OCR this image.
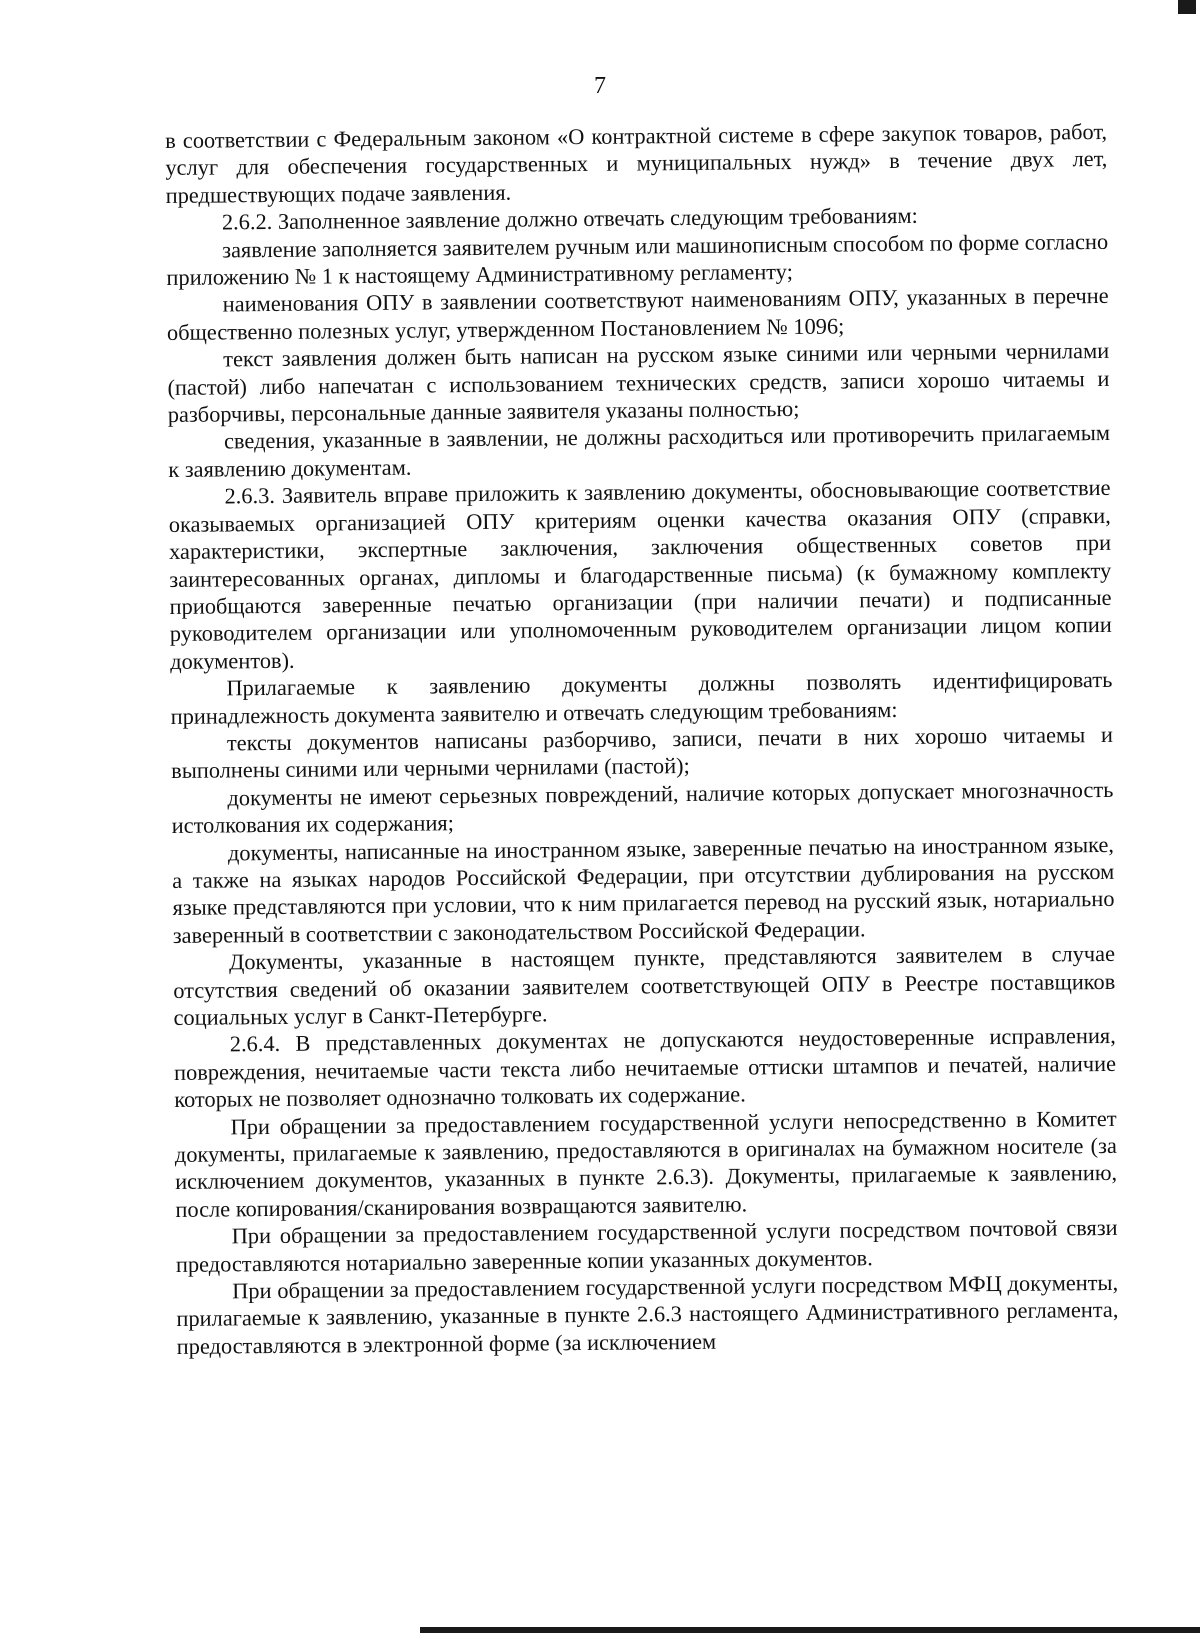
7

в соответствии с Федеральным законом «О контрактной системе в сфере закупок товаров, работ, услуг для обеспечения государственных и муниципальных нужд» в течение двух лет, предшествующих подаче заявления.

2.6.2. Заполненное заявление должно отвечать следующим требованиям:

заявление заполняется заявителем ручным или машинописным способом по форме согласно приложению № 1 к настоящему Административному регламенту;

наименования ОПУ в заявлении соответствуют наименованиям ОПУ, указанных в перечне общественно полезных услуг, утвержденном Постановлением № 1096;

текст заявления должен быть написан на русском языке синими или черными чернилами (пастой) либо напечатан с использованием технических средств, записи хорошо читаемы и разборчивы, персональные данные заявителя указаны полностью;

сведения, указанные в заявлении, не должны расходиться или противоречить прилагаемым к заявлению документам.

2.6.3. Заявитель вправе приложить к заявлению документы, обосновывающие соответствие оказываемых организацией ОПУ критериям оценки качества оказания ОПУ (справки, характеристики, экспертные заключения, заключения общественных советов при заинтересованных органах, дипломы и благодарственные письма) (к бумажному комплекту приобщаются заверенные печатью организации (при наличии печати) и подписанные руководителем организации или уполномоченным руководителем организации лицом копии документов).

Прилагаемые к заявлению документы должны позволять идентифицировать принадлежность документа заявителю и отвечать следующим требованиям:

тексты документов написаны разборчиво, записи, печати в них хорошо читаемы и выполнены синими или черными чернилами (пастой);

документы не имеют серьезных повреждений, наличие которых допускает многозначность истолкования их содержания;

документы, написанные на иностранном языке, заверенные печатью на иностранном языке, а также на языках народов Российской Федерации, при отсутствии дублирования на русском языке представляются при условии, что к ним прилагается перевод на русский язык, нотариально заверенный в соответствии с законодательством Российской Федерации.

Документы, указанные в настоящем пункте, представляются заявителем в случае отсутствия сведений об оказании заявителем соответствующей ОПУ в Реестре поставщиков социальных услуг в Санкт-Петербурге.

2.6.4. В представленных документах не допускаются неудостоверенные исправления, повреждения, нечитаемые части текста либо нечитаемые оттиски штампов и печатей, наличие которых не позволяет однозначно толковать их содержание.

При обращении за предоставлением государственной услуги непосредственно в Комитет документы, прилагаемые к заявлению, предоставляются в оригиналах на бумажном носителе (за исключением документов, указанных в пункте 2.6.3). Документы, прилагаемые к заявлению, после копирования/сканирования возвращаются заявителю.

При обращении за предоставлением государственной услуги посредством почтовой связи предоставляются нотариально заверенные копии указанных документов.

При обращении за предоставлением государственной услуги посредством МФЦ документы, прилагаемые к заявлению, указанные в пункте 2.6.3 настоящего Административного регламента, предоставляются в электронной форме (за исключением
